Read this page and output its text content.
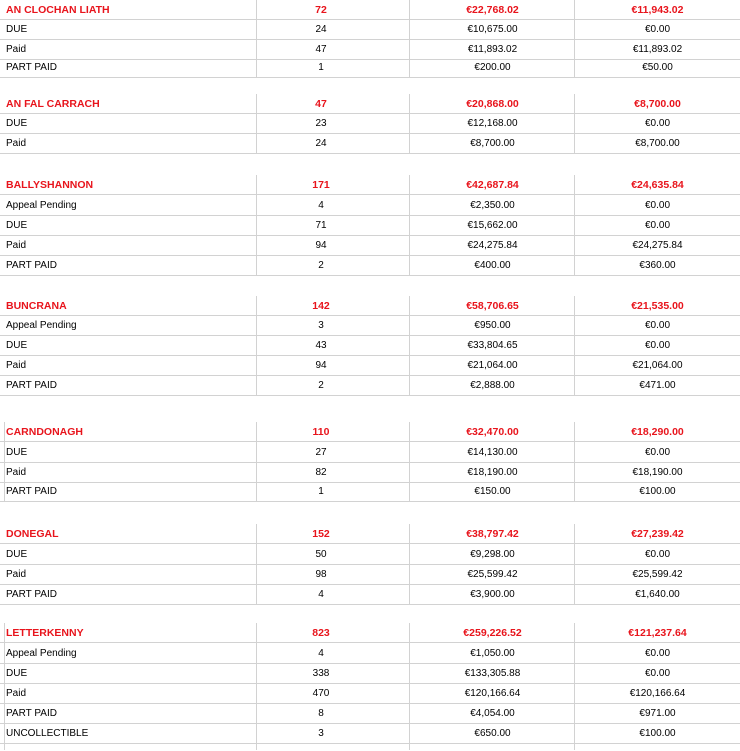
AN CLOCHAN LIATH	72	€22,768.02	€11,943.02
DUE	24	€10,675.00	€0.00
Paid	47	€11,893.02	€11,893.02
PART PAID	1	€200.00	€50.00
AN FAL CARRACH	47	€20,868.00	€8,700.00
DUE	23	€12,168.00	€0.00
Paid	24	€8,700.00	€8,700.00
BALLYSHANNON	171	€42,687.84	€24,635.84
Appeal Pending	4	€2,350.00	€0.00
DUE	71	€15,662.00	€0.00
Paid	94	€24,275.84	€24,275.84
PART PAID	2	€400.00	€360.00
BUNCRANA	142	€58,706.65	€21,535.00
Appeal Pending	3	€950.00	€0.00
DUE	43	€33,804.65	€0.00
Paid	94	€21,064.00	€21,064.00
PART PAID	2	€2,888.00	€471.00
CARNDONAGH	110	€32,470.00	€18,290.00
DUE	27	€14,130.00	€0.00
Paid	82	€18,190.00	€18,190.00
PART PAID	1	€150.00	€100.00
DONEGAL	152	€38,797.42	€27,239.42
DUE	50	€9,298.00	€0.00
Paid	98	€25,599.42	€25,599.42
PART PAID	4	€3,900.00	€1,640.00
LETTERKENNY	823	€259,226.52	€121,237.64
Appeal Pending	4	€1,050.00	€0.00
DUE	338	€133,305.88	€0.00
Paid	470	€120,166.64	€120,166.64
PART PAID	8	€4,054.00	€971.00
UNCOLLECTIBLE	3	€650.00	€100.00
